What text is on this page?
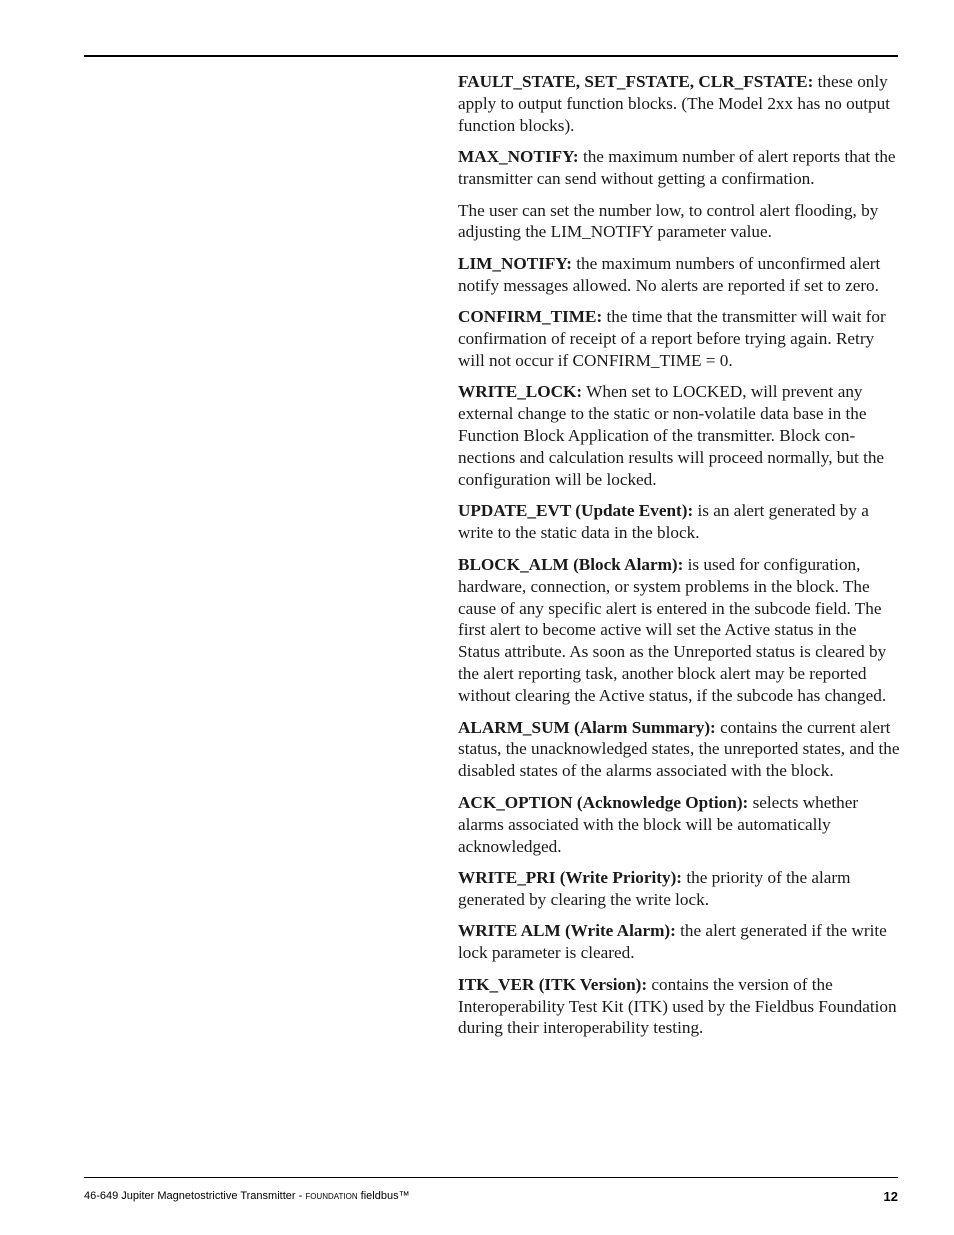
FAULT_STATE, SET_FSTATE, CLR_FSTATE: these only apply to output function blocks. (The Model 2xx has no output function blocks).

MAX_NOTIFY: the maximum number of alert reports that the transmitter can send without getting a confirmation.

The user can set the number low, to control alert flooding, by adjusting the LIM_NOTIFY parameter value.

LIM_NOTIFY: the maximum numbers of unconfirmed alert notify messages allowed. No alerts are reported if set to zero.

CONFIRM_TIME: the time that the transmitter will wait for confirmation of receipt of a report before trying again. Retry will not occur if CONFIRM_TIME = 0.

WRITE_LOCK: When set to LOCKED, will prevent any external change to the static or non-volatile data base in the Function Block Application of the transmitter. Block connections and calculation results will proceed normally, but the configuration will be locked.

UPDATE_EVT (Update Event): is an alert generated by a write to the static data in the block.

BLOCK_ALM (Block Alarm): is used for configuration, hardware, connection, or system problems in the block. The cause of any specific alert is entered in the subcode field. The first alert to become active will set the Active status in the Status attribute. As soon as the Unreported status is cleared by the alert reporting task, another block alert may be reported without clearing the Active status, if the subcode has changed.

ALARM_SUM (Alarm Summary): contains the current alert status, the unacknowledged states, the unreported states, and the disabled states of the alarms associated with the block.

ACK_OPTION (Acknowledge Option): selects whether alarms associated with the block will be automatically acknowledged.

WRITE_PRI (Write Priority): the priority of the alarm generated by clearing the write lock.

WRITE ALM (Write Alarm): the alert generated if the write lock parameter is cleared.

ITK_VER (ITK Version): contains the version of the Interoperability Test Kit (ITK) used by the Fieldbus Foundation during their interoperability testing.

46-649 Jupiter Magnetostrictive Transmitter - FOUNDATION fieldbus™	12
